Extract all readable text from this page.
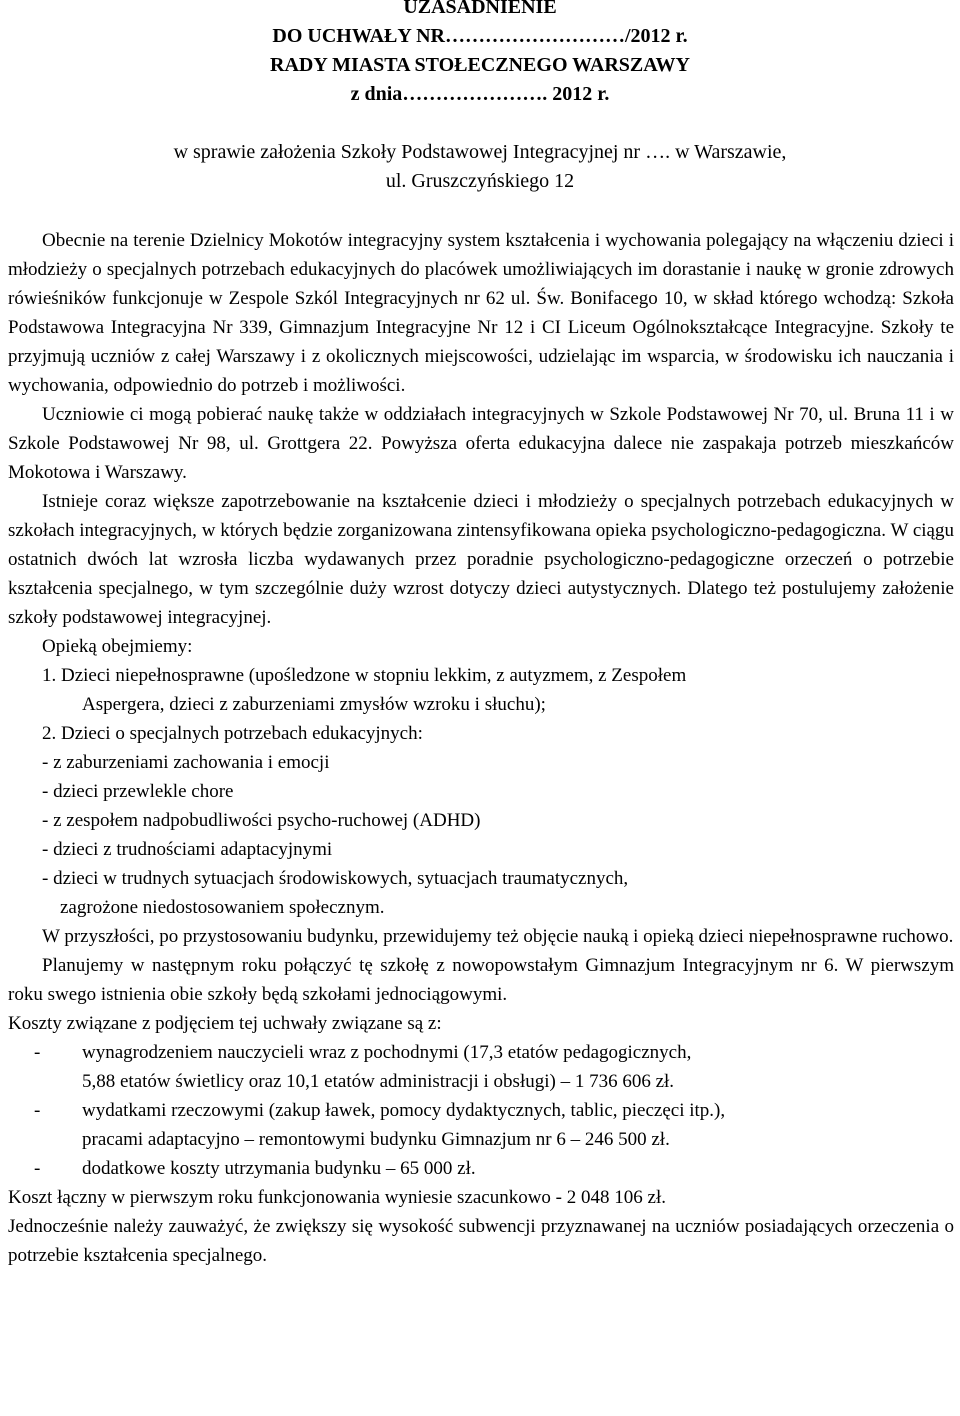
UZASADNIENIE
DO UCHWAŁY NR………………………/2012 r.
RADY MIASTA STOŁECZNEGO WARSZAWY
z dnia…………………. 2012 r.
w sprawie założenia Szkoły Podstawowej Integracyjnej nr …. w Warszawie,
ul. Gruszczyńskiego 12

Obecnie na terenie Dzielnicy Mokotów integracyjny system kształcenia i wychowania polegający na włączeniu dzieci i młodzieży o specjalnych potrzebach edukacyjnych do placówek umożliwiających im dorastanie i naukę w gronie zdrowych rówieśników funkcjonuje w Zespole Szkól Integracyjnych nr 62 ul. Św. Bonifacego 10, w skład którego wchodzą: Szkoła Podstawowa Integracyjna Nr 339, Gimnazjum Integracyjne Nr 12 i CI Liceum Ogólnokształcące Integracyjne. Szkoły te przyjmują uczniów z całej Warszawy i z okolicznych miejscowości, udzielając im wsparcia, w środowisku ich nauczania i wychowania, odpowiednio do potrzeb i możliwości.

Uczniowie ci mogą pobierać naukę także w oddziałach integracyjnych w Szkole Podstawowej Nr 70, ul. Bruna 11 i w Szkole Podstawowej Nr 98, ul. Grottgera 22. Powyższa oferta edukacyjna dalece nie zaspakaja potrzeb mieszkańców Mokotowa i Warszawy.

Istnieje coraz większe zapotrzebowanie na kształcenie dzieci i młodzieży o specjalnych potrzebach edukacyjnych w szkołach integracyjnych, w których będzie zorganizowana zintensyfikowana opieka psychologiczno-pedagogiczna. W ciągu ostatnich dwóch lat wzrosła liczba wydawanych przez poradnie psychologiczno-pedagogiczne orzeczeń o potrzebie kształcenia specjalnego, w tym szczególnie duży wzrost dotyczy dzieci autystycznych. Dlatego też postulujemy założenie szkoły podstawowej integracyjnej.

Opieką obejmiemy:
1. Dzieci niepełnosprawne (upośledzone w stopniu lekkim, z autyzmem, z Zespołem
Aspergera, dzieci z zaburzeniami zmysłów wzroku i słuchu);
2. Dzieci o specjalnych potrzebach edukacyjnych:
- z zaburzeniami zachowania i emocji
- dzieci przewlekle chore
- z zespołem nadpobudliwości psycho-ruchowej (ADHD)
- dzieci z trudnościami adaptacyjnymi
- dzieci w trudnych sytuacjach środowiskowych, sytuacjach traumatycznych,
zagrożone niedostosowaniem społecznym.

W przyszłości, po przystosowaniu budynku, przewidujemy też objęcie nauką i opieką dzieci niepełnosprawne ruchowo.

Planujemy w następnym roku połączyć tę szkołę z nowopowstałym Gimnazjum Integracyjnym nr 6. W pierwszym roku swego istnienia obie szkoły będą szkołami jednociągowymi.

Koszty związane z podjęciem tej uchwały związane są z:
- wynagrodzeniem nauczycieli wraz z pochodnymi (17,3 etatów pedagogicznych,
5,88 etatów świetlicy oraz 10,1 etatów administracji i obsługi) – 1 736 606 zł.
- wydatkami rzeczowymi (zakup ławek, pomocy dydaktycznych, tablic, pieczęci itp.),
pracami adaptacyjno – remontowymi budynku Gimnazjum nr 6 – 246 500 zł.
- dodatkowe koszty utrzymania budynku – 65 000 zł.
Koszt łączny w pierwszym roku funkcjonowania wyniesie szacunkowo - 2 048 106 zł.

Jednocześnie należy zauważyć, że zwiększy się wysokość subwencji przyznawanej na uczniów posiadających orzeczenia o potrzebie kształcenia specjalnego.
